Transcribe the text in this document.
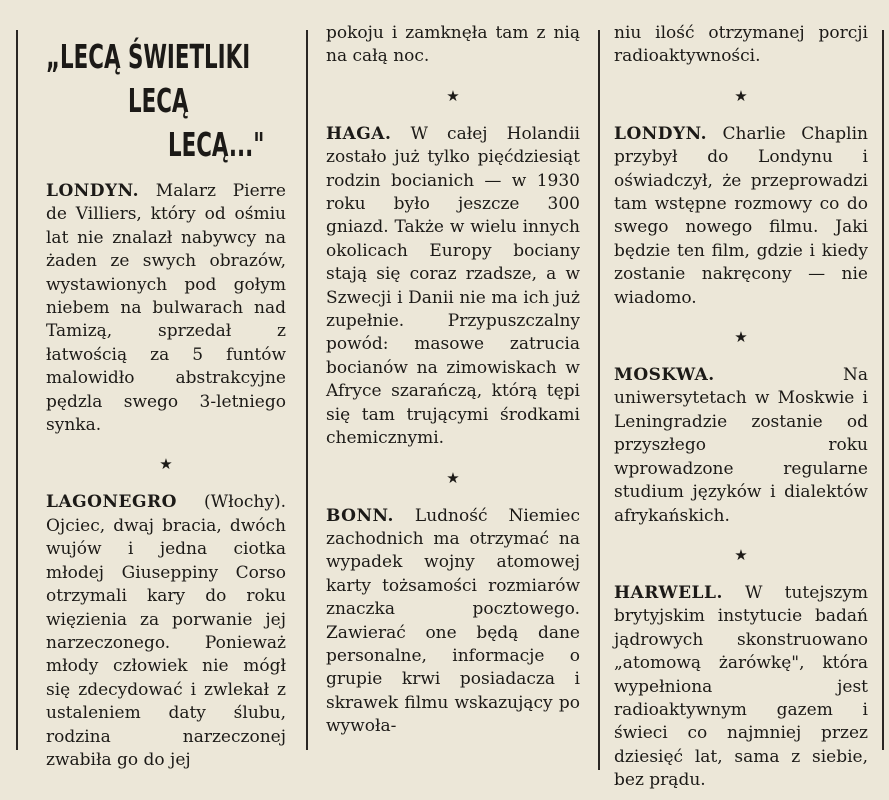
„LECĄ ŚWIETLIKI
LECĄ
LECĄ..."

LONDYN. Malarz Pierre de Villiers, który od ośmiu lat nie znalazł nabywcy na żaden ze swych obrazów, wystawionych pod gołym niebem na bulwarach nad Tamizą, sprzedał z łatwością za 5 funtów malowidło abstrakcyjne pędzla swego 3-letniego synka.

★

LAGONEGRO (Włochy). Ojciec, dwaj bracia, dwóch wujów i jedna ciotka młodej Giuseppiny Corso otrzymali kary do roku więzienia za porwanie jej narzeczonego. Ponieważ młody człowiek nie mógł się zdecydować i zwlekał z ustaleniem daty ślubu, rodzina narzeczonej zwabiła go do jej

pokoju i zamknęła tam z nią na całą noc.

★

HAGA. W całej Holandii zostało już tylko pięćdziesiąt rodzin bocianich — w 1930 roku było jeszcze 300 gniazd. Także w wielu innych okolicach Europy bociany stają się coraz rzadsze, a w Szwecji i Danii nie ma ich już zupełnie. Przypuszczalny powód: masowe zatrucia bocianów na zimowiskach w Afryce szarańczą, którą tępi się tam trującymi środkami chemicznymi.

★

BONN. Ludność Niemiec zachodnich ma otrzymać na wypadek wojny atomowej karty tożsamości rozmiarów znaczka pocztowego. Zawierać one będą dane personalne, informacje o grupie krwi posiadacza i skrawek filmu wskazujący po wywoła-

niu ilość otrzymanej porcji radioaktywności.

★

LONDYN. Charlie Chaplin przybył do Londynu i oświadczył, że przeprowadzi tam wstępne rozmowy co do swego nowego filmu. Jaki będzie ten film, gdzie i kiedy zostanie nakręcony — nie wiadomo.

★

MOSKWA. Na uniwersytetach w Moskwie i Leningradzie zostanie od przyszłego roku wprowadzone regularne studium języków i dialektów afrykańskich.

★

HARWELL. W tutejszym brytyjskim instytucie badań jądrowych skonstruowano „atomową żarówkę", która wypełniona jest radioaktywnym gazem i świeci co najmniej przez dziesięć lat, sama z siebie, bez prądu.
